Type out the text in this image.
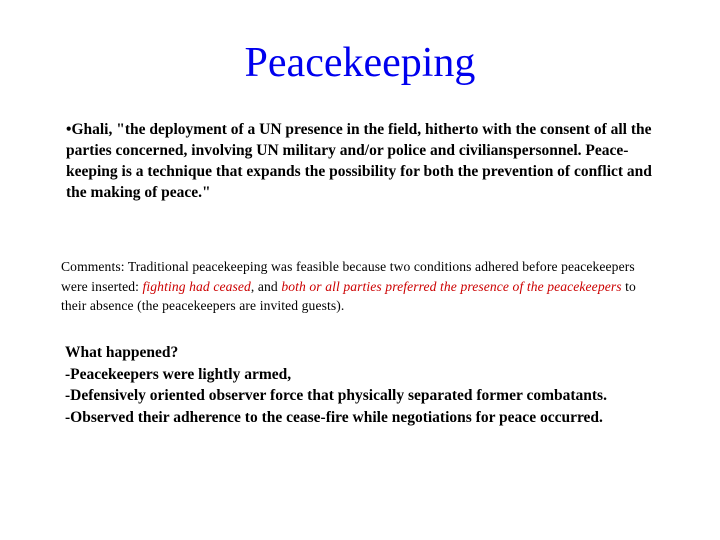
Peacekeeping
•Ghali, "the deployment of a UN presence in the field, hitherto with the consent of all the parties concerned, involving UN military and/or police and civilianspersonnel. Peace-keeping is a technique that expands the possibility for both the prevention of conflict and the making of peace."
Comments: Traditional peacekeeping was feasible because two conditions adhered before peacekeepers were inserted: fighting had ceased, and both or all parties preferred the presence of the peacekeepers to their absence (the peacekeepers are invited guests).
What happened?
-Peacekeepers were lightly armed,
-Defensively oriented observer force that physically separated former combatants.
-Observed their adherence to the cease-fire while negotiations for peace occurred.
